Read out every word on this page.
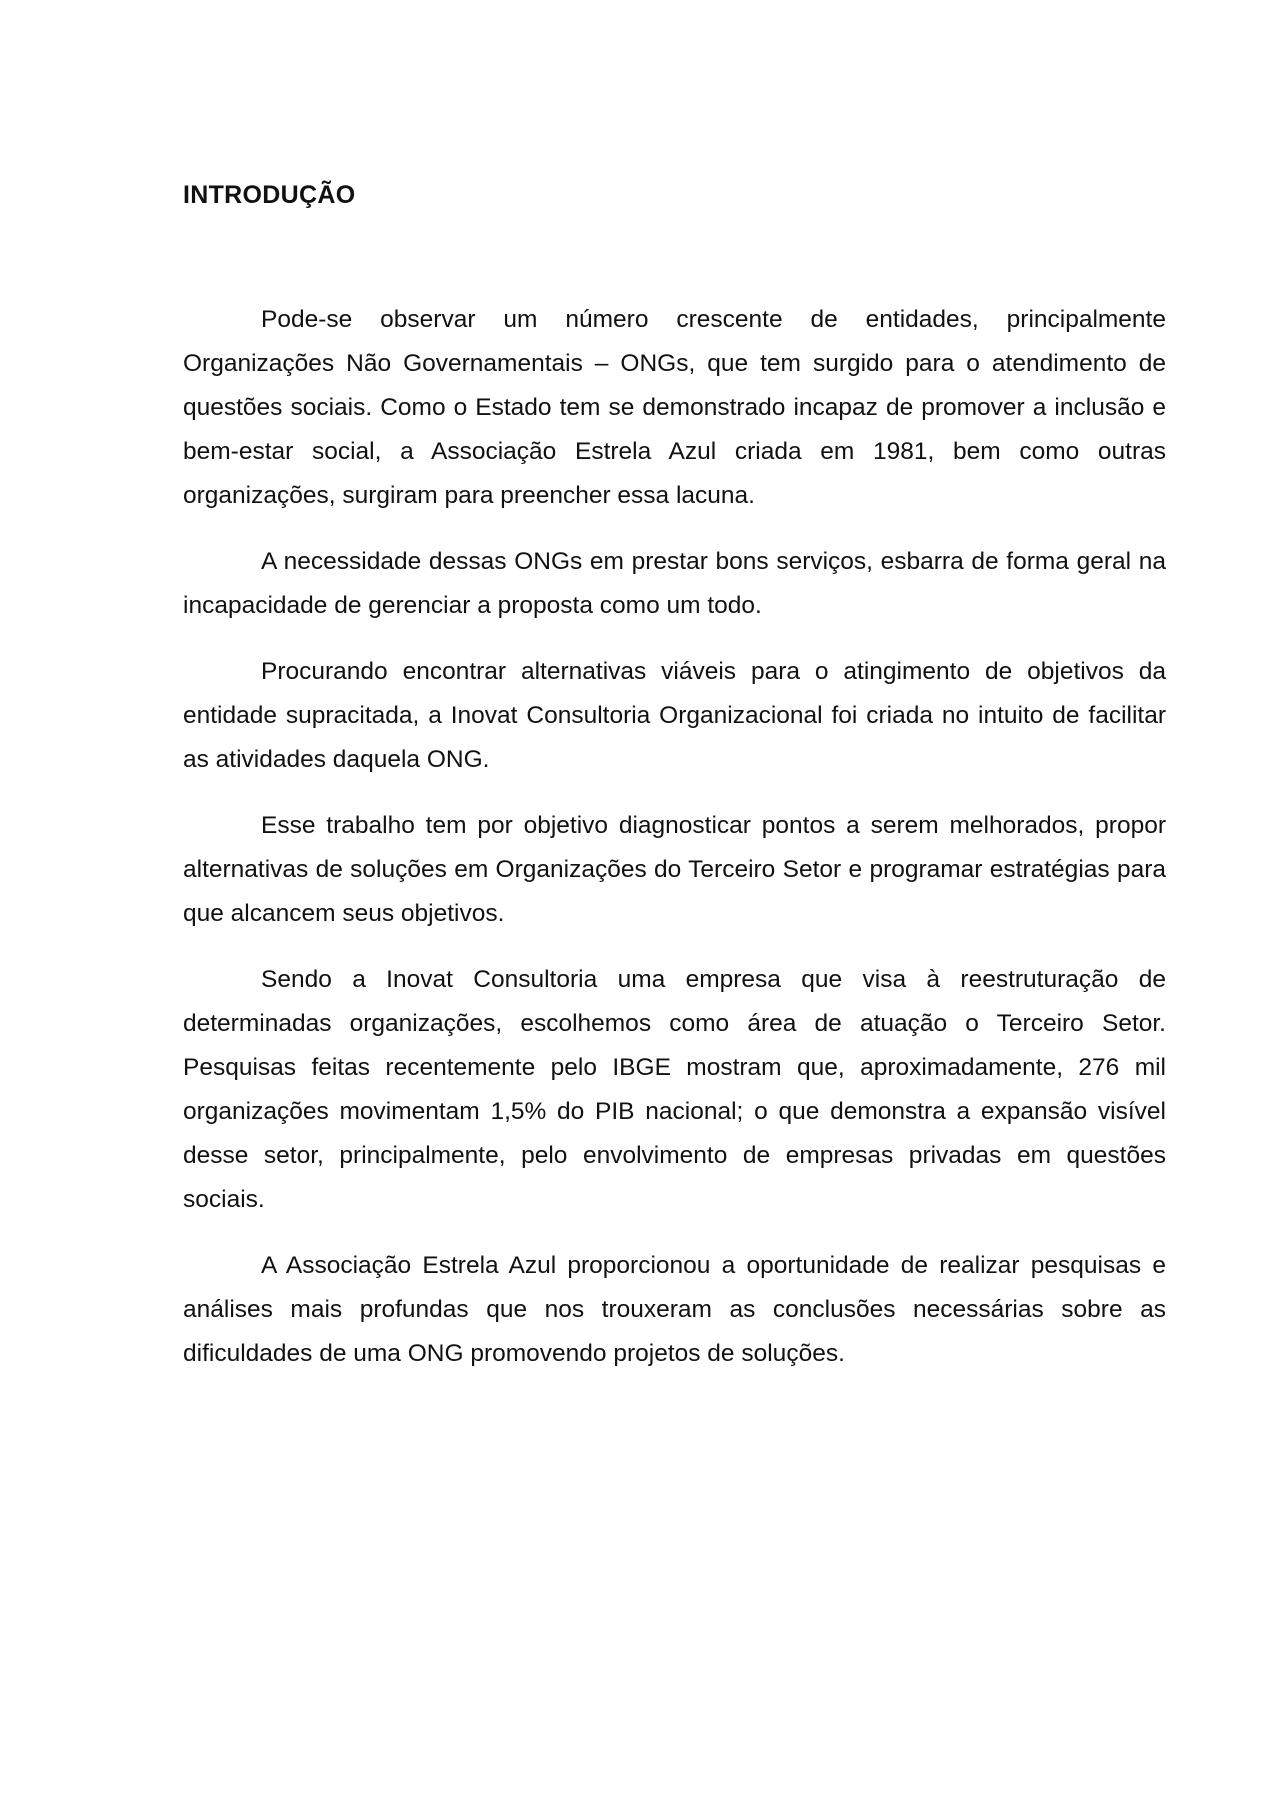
INTRODUÇÃO

Pode-se observar um número crescente de entidades, principalmente Organizações Não Governamentais – ONGs, que tem surgido para o atendimento de questões sociais. Como o Estado tem se demonstrado incapaz de promover a inclusão e bem-estar social, a Associação Estrela Azul criada em 1981, bem como outras organizações, surgiram para preencher essa lacuna.

A necessidade dessas ONGs em prestar bons serviços, esbarra de forma geral na incapacidade de gerenciar a proposta como um todo.

Procurando encontrar alternativas viáveis para o atingimento de objetivos da entidade supracitada, a Inovat Consultoria Organizacional foi criada no intuito de facilitar as atividades daquela ONG.

Esse trabalho tem por objetivo diagnosticar pontos a serem melhorados, propor alternativas de soluções em Organizações do Terceiro Setor e programar estratégias para que alcancem seus objetivos.

Sendo a Inovat Consultoria uma empresa que visa à reestruturação de determinadas organizações, escolhemos como área de atuação o Terceiro Setor. Pesquisas feitas recentemente pelo IBGE mostram que, aproximadamente, 276 mil organizações movimentam 1,5% do PIB nacional; o que demonstra a expansão visível desse setor, principalmente, pelo envolvimento de empresas privadas em questões sociais.

A Associação Estrela Azul proporcionou a oportunidade de realizar pesquisas e análises mais profundas que nos trouxeram as conclusões necessárias sobre as dificuldades de uma ONG promovendo projetos de soluções.
